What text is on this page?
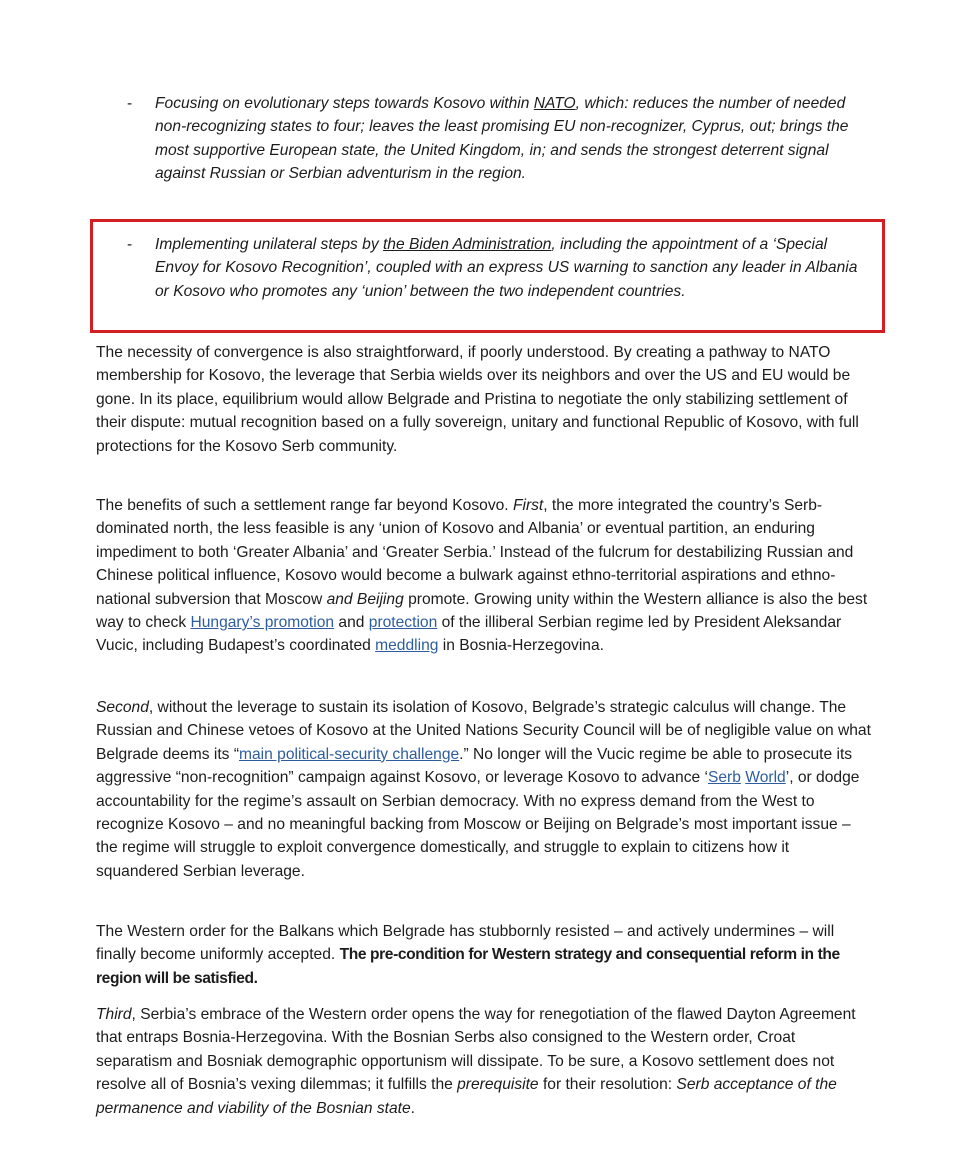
- Focusing on evolutionary steps towards Kosovo within NATO, which: reduces the number of needed non-recognizing states to four; leaves the least promising EU non-recognizer, Cyprus, out; brings the most supportive European state, the United Kingdom, in; and sends the strongest deterrent signal against Russian or Serbian adventurism in the region.
- Implementing unilateral steps by the Biden Administration, including the appointment of a ‘Special Envoy for Kosovo Recognition’, coupled with an express US warning to sanction any leader in Albania or Kosovo who promotes any ‘union’ between the two independent countries.
The necessity of convergence is also straightforward, if poorly understood. By creating a pathway to NATO membership for Kosovo, the leverage that Serbia wields over its neighbors and over the US and EU would be gone. In its place, equilibrium would allow Belgrade and Pristina to negotiate the only stabilizing settlement of their dispute: mutual recognition based on a fully sovereign, unitary and functional Republic of Kosovo, with full protections for the Kosovo Serb community.
The benefits of such a settlement range far beyond Kosovo. First, the more integrated the country’s Serb-dominated north, the less feasible is any ‘union of Kosovo and Albania’ or eventual partition, an enduring impediment to both ‘Greater Albania’ and ‘Greater Serbia.’ Instead of the fulcrum for destabilizing Russian and Chinese political influence, Kosovo would become a bulwark against ethno-territorial aspirations and ethno-national subversion that Moscow and Beijing promote. Growing unity within the Western alliance is also the best way to check Hungary’s promotion and protection of the illiberal Serbian regime led by President Aleksandar Vucic, including Budapest’s coordinated meddling in Bosnia-Herzegovina.
Second, without the leverage to sustain its isolation of Kosovo, Belgrade’s strategic calculus will change. The Russian and Chinese vetoes of Kosovo at the United Nations Security Council will be of negligible value on what Belgrade deems its “main political-security challenge.” No longer will the Vucic regime be able to prosecute its aggressive “non-recognition” campaign against Kosovo, or leverage Kosovo to advance ‘Serb World’, or dodge accountability for the regime’s assault on Serbian democracy. With no express demand from the West to recognize Kosovo – and no meaningful backing from Moscow or Beijing on Belgrade’s most important issue – the regime will struggle to exploit convergence domestically, and struggle to explain to citizens how it squandered Serbian leverage.
The Western order for the Balkans which Belgrade has stubbornly resisted – and actively undermines – will finally become uniformly accepted. The pre-condition for Western strategy and consequential reform in the region will be satisfied.
Third, Serbia’s embrace of the Western order opens the way for renegotiation of the flawed Dayton Agreement that entraps Bosnia-Herzegovina. With the Bosnian Serbs also consigned to the Western order, Croat separatism and Bosniak demographic opportunism will dissipate. To be sure, a Kosovo settlement does not resolve all of Bosnia’s vexing dilemmas; it fulfills the prerequisite for their resolution: Serb acceptance of the permanence and viability of the Bosnian state.
